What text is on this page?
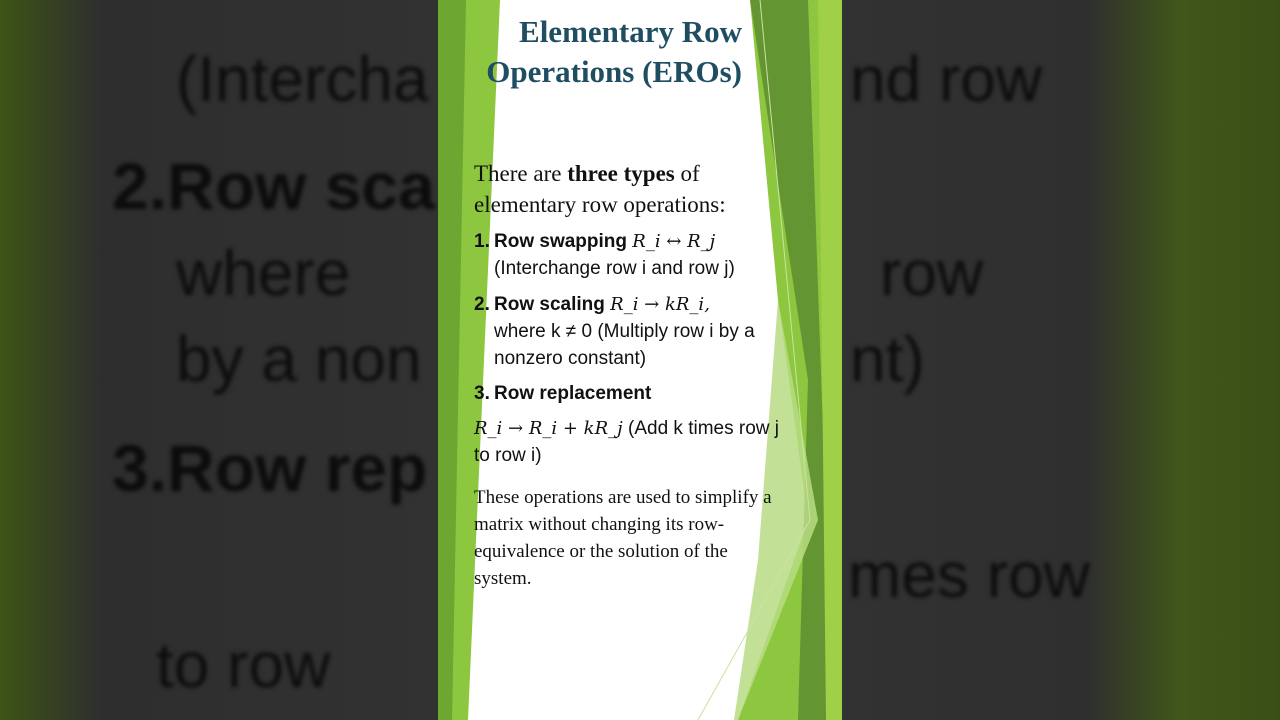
(Intercha	nd row
2.Row sca
where	row
by a non	nt)
3.Row rep
mes row
to row
Elementary Row Operations (EROs)
There are three types of elementary row operations:
1. Row swapping R_i ↔ R_j
(Interchange row i and row j)
2. Row scaling R_i → kR_i,
where k ≠ 0 (Multiply row i by a nonzero constant)
3. Row replacement
R_i → R_i + kR_j (Add k times row j to row i)
These operations are used to simplify a matrix without changing its row-equivalence or the solution of the system.
